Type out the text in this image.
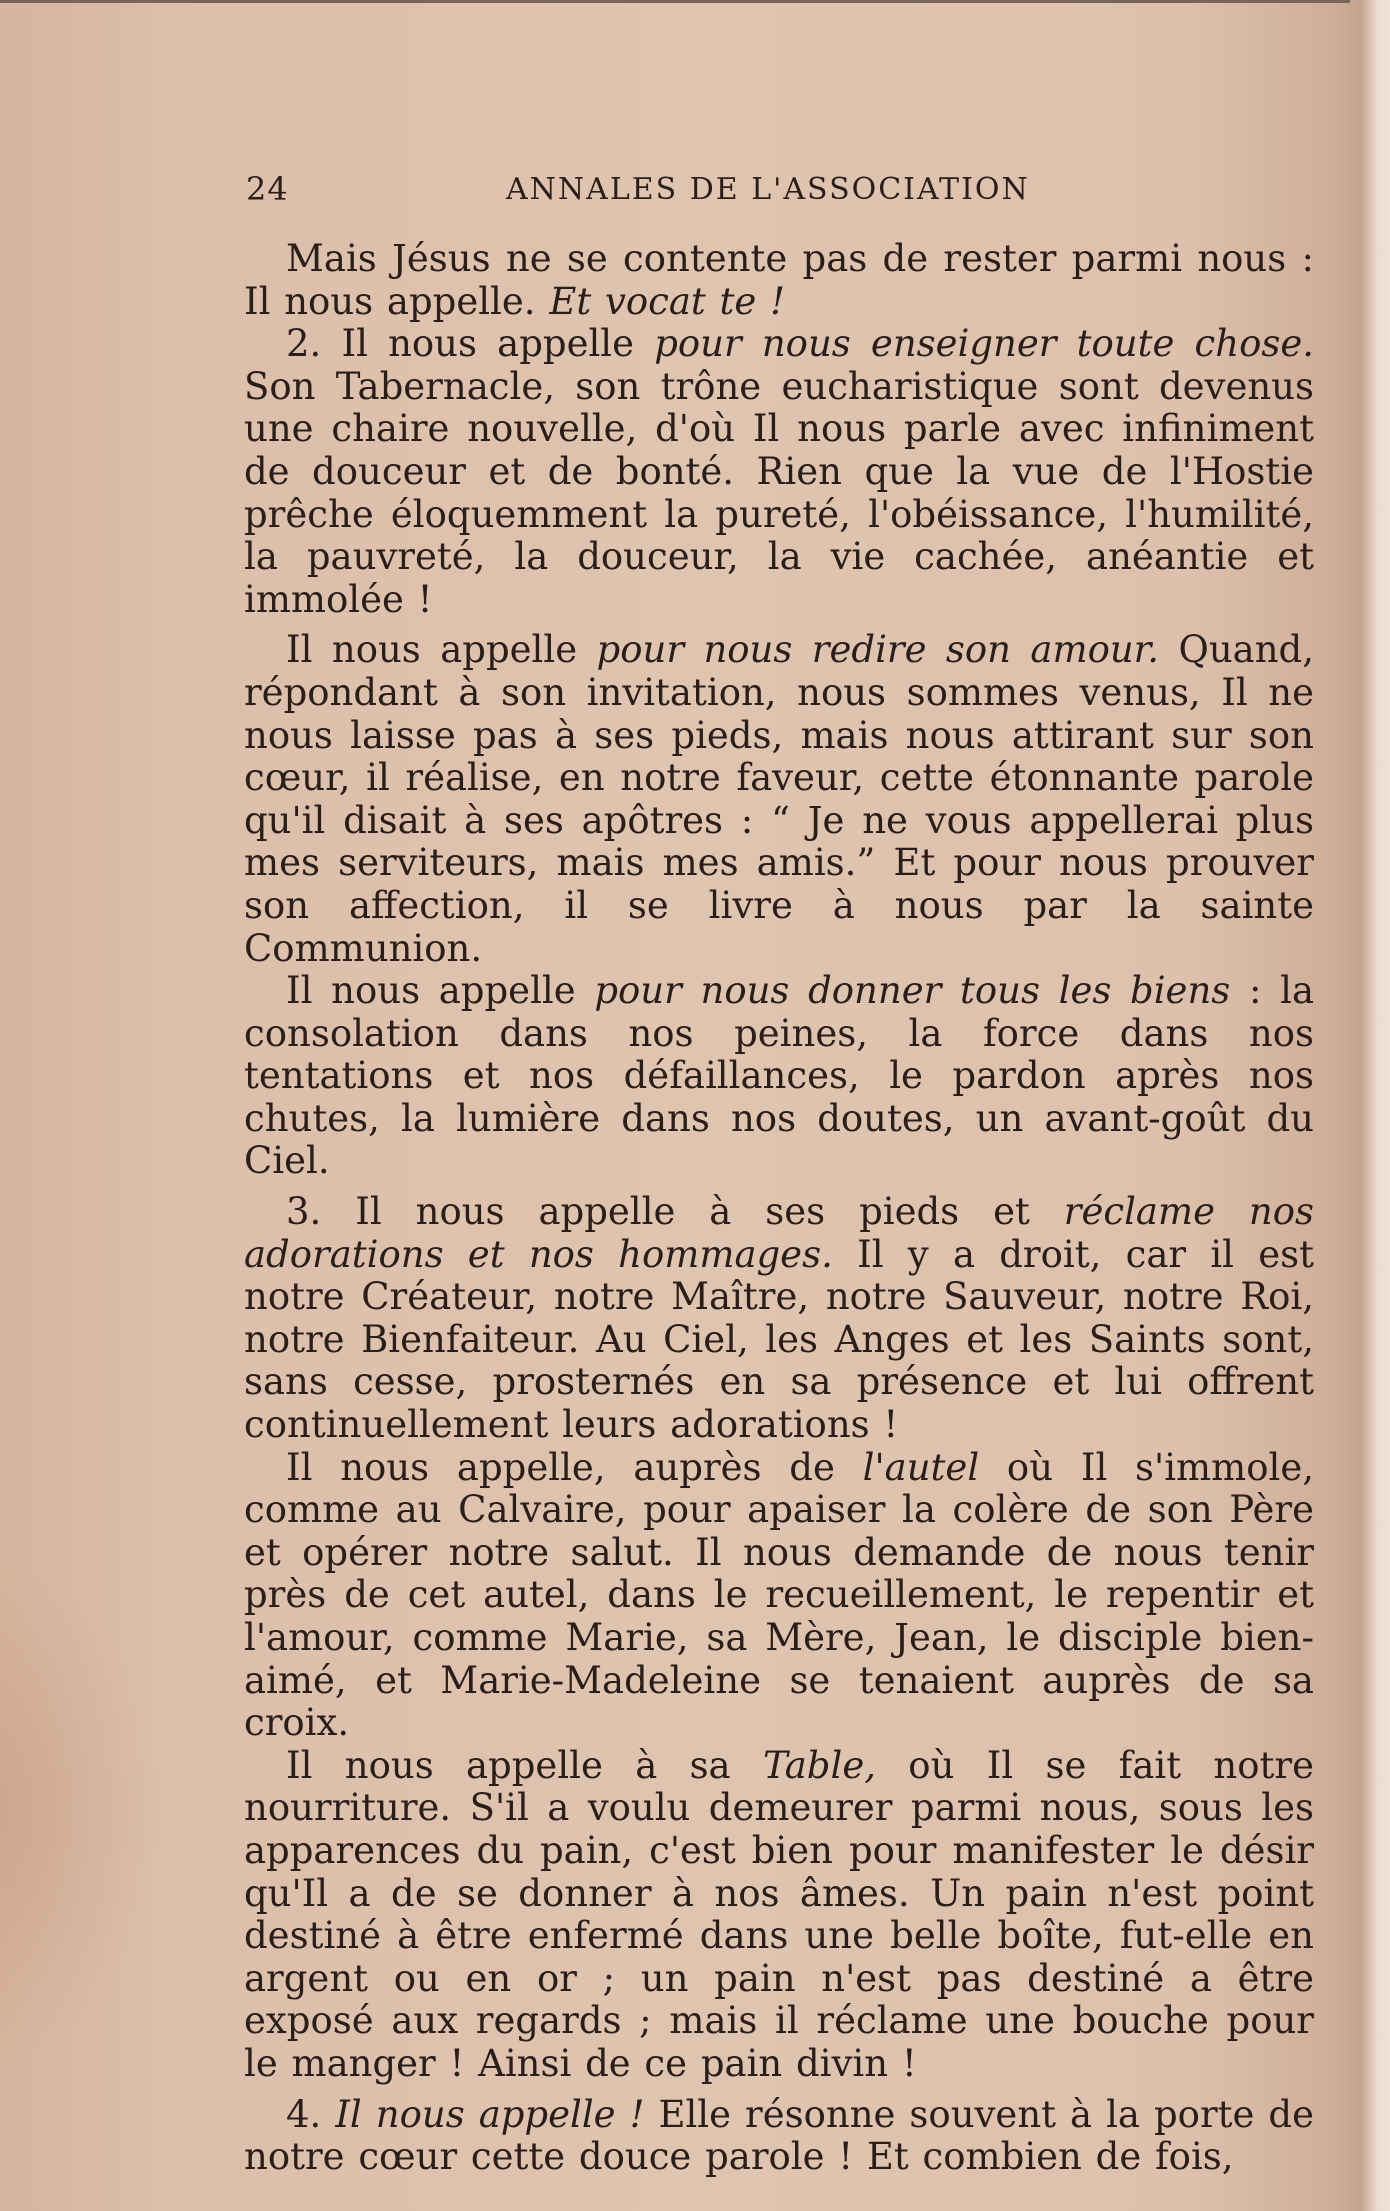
24	ANNALES DE L'ASSOCIATION

Mais Jésus ne se contente pas de rester parmi nous : Il nous appelle. Et vocat te !

2. Il nous appelle pour nous enseigner toute chose. Son Tabernacle, son trône eucharistique sont devenus une chaire nouvelle, d'où Il nous parle avec infiniment de douceur et de bonté. Rien que la vue de l'Hostie prêche éloquemment la pureté, l'obéissance, l'humilité, la pauvreté, la douceur, la vie cachée, anéantie et immolée !

Il nous appelle pour nous redire son amour. Quand, répondant à son invitation, nous sommes venus, Il ne nous laisse pas à ses pieds, mais nous attirant sur son cœur, il réalise, en notre faveur, cette étonnante parole qu'il disait à ses apôtres : “ Je ne vous appellerai plus mes serviteurs, mais mes amis.” Et pour nous prouver son affection, il se livre à nous par la sainte Communion.

Il nous appelle pour nous donner tous les biens : la consolation dans nos peines, la force dans nos tentations et nos défaillances, le pardon après nos chutes, la lumière dans nos doutes, un avant-goût du Ciel.

3. Il nous appelle à ses pieds et réclame nos adorations et nos hommages. Il y a droit, car il est notre Créateur, notre Maître, notre Sauveur, notre Roi, notre Bienfaiteur. Au Ciel, les Anges et les Saints sont, sans cesse, prosternés en sa présence et lui offrent continuellement leurs adorations !

Il nous appelle, auprès de l'autel où Il s'immole, comme au Calvaire, pour apaiser la colère de son Père et opérer notre salut. Il nous demande de nous tenir près de cet autel, dans le recueillement, le repentir et l'amour, comme Marie, sa Mère, Jean, le disciple bien-aimé, et Marie-Madeleine se tenaient auprès de sa croix.

Il nous appelle à sa Table, où Il se fait notre nourriture. S'il a voulu demeurer parmi nous, sous les apparences du pain, c'est bien pour manifester le désir qu'Il a de se donner à nos âmes. Un pain n'est point destiné à être enfermé dans une belle boîte, fut-elle en argent ou en or ; un pain n'est pas destiné a être exposé aux regards ; mais il réclame une bouche pour le manger ! Ainsi de ce pain divin !

4. Il nous appelle ! Elle résonne souvent à la porte de notre cœur cette douce parole ! Et combien de fois,
